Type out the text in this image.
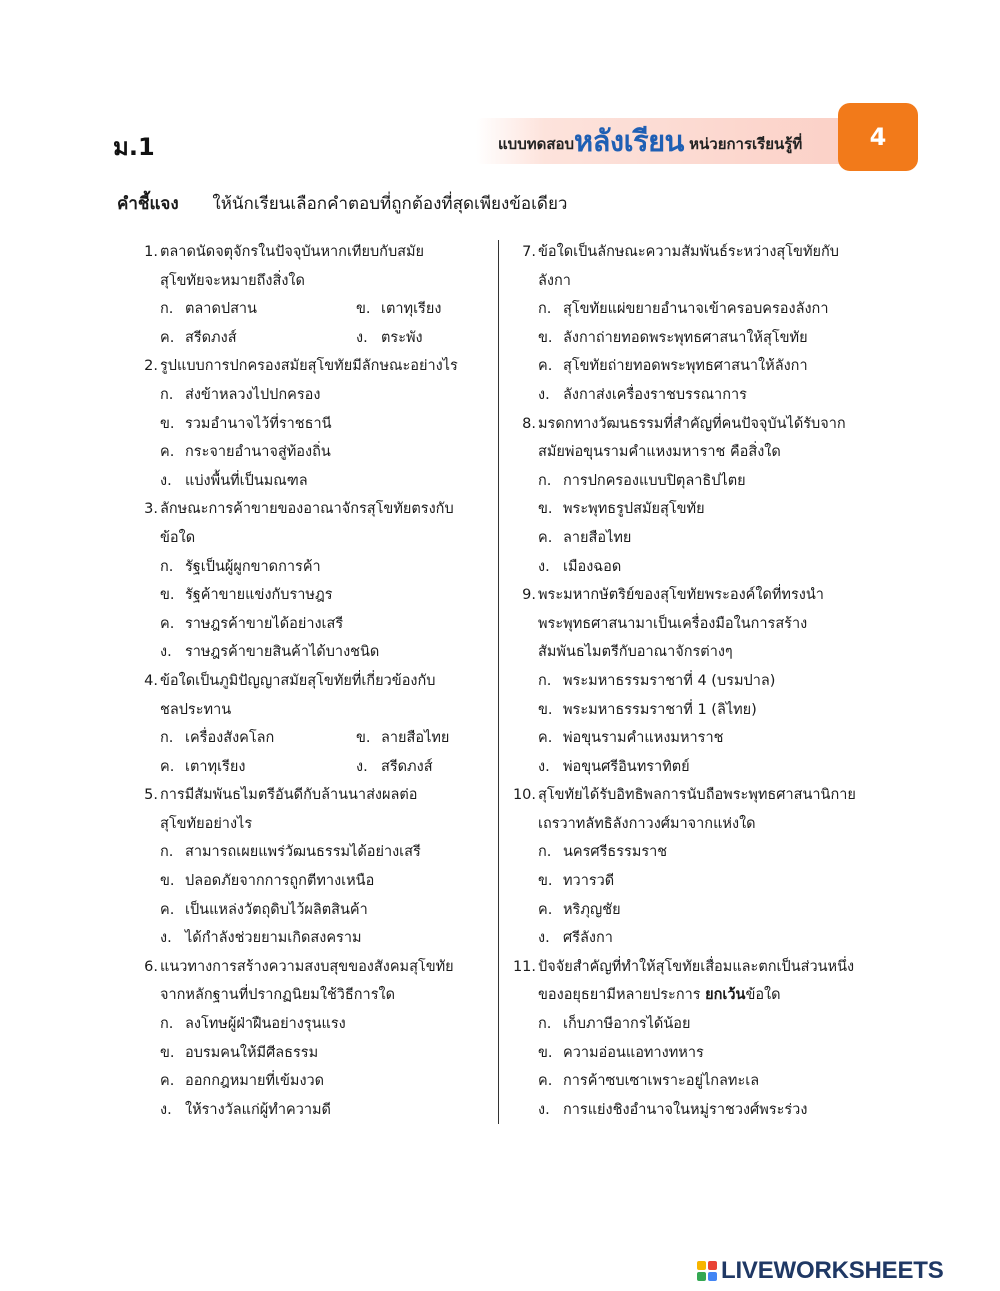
ม.1	แบบทดสอบหลังเรียน หน่วยการเรียนรู้ที่	4
คำชี้แจง ให้นักเรียนเลือกคำตอบที่ถูกต้องที่สุดเพียงข้อเดียว
1. ตลาดนัดจตุจักรในปัจจุบันหากเทียบกับสมัย
สุโขทัยจะหมายถึงสิ่งใด
ก. ตลาดปสาน	ข. เตาทุเรียง
ค. สรีดภงส์	ง. ตระพัง
2. รูปแบบการปกครองสมัยสุโขทัยมีลักษณะอย่างไร
ก. ส่งข้าหลวงไปปกครอง
ข. รวมอำนาจไว้ที่ราชธานี
ค. กระจายอำนาจสู่ท้องถิ่น
ง. แบ่งพื้นที่เป็นมณฑล
3. ลักษณะการค้าขายของอาณาจักรสุโขทัยตรงกับ
ข้อใด
ก. รัฐเป็นผู้ผูกขาดการค้า
ข. รัฐค้าขายแข่งกับราษฎร
ค. ราษฎรค้าขายได้อย่างเสรี
ง. ราษฎรค้าขายสินค้าได้บางชนิด
4. ข้อใดเป็นภูมิปัญญาสมัยสุโขทัยที่เกี่ยวข้องกับ
ชลประทาน
ก. เครื่องสังคโลก	ข. ลายสือไทย
ค. เตาทุเรียง	ง. สรีดภงส์
5. การมีสัมพันธไมตรีอันดีกับล้านนาส่งผลต่อ
สุโขทัยอย่างไร
ก. สามารถเผยแพร่วัฒนธรรมได้อย่างเสรี
ข. ปลอดภัยจากการถูกตีทางเหนือ
ค. เป็นแหล่งวัตถุดิบไว้ผลิตสินค้า
ง. ได้กำลังช่วยยามเกิดสงคราม
6. แนวทางการสร้างความสงบสุขของสังคมสุโขทัย
จากหลักฐานที่ปรากฏนิยมใช้วิธีการใด
ก. ลงโทษผู้ฝ่าฝืนอย่างรุนแรง
ข. อบรมคนให้มีศีลธรรม
ค. ออกกฎหมายที่เข้มงวด
ง. ให้รางวัลแก่ผู้ทำความดี
7. ข้อใดเป็นลักษณะความสัมพันธ์ระหว่างสุโขทัยกับ
ลังกา
ก. สุโขทัยแผ่ขยายอำนาจเข้าครอบครองลังกา
ข. ลังกาถ่ายทอดพระพุทธศาสนาให้สุโขทัย
ค. สุโขทัยถ่ายทอดพระพุทธศาสนาให้ลังกา
ง. ลังกาส่งเครื่องราชบรรณาการ
8. มรดกทางวัฒนธรรมที่สำคัญที่คนปัจจุบันได้รับจาก
สมัยพ่อขุนรามคำแหงมหาราช คือสิ่งใด
ก. การปกครองแบบปิตุลาธิปไตย
ข. พระพุทธรูปสมัยสุโขทัย
ค. ลายสือไทย
ง. เมืองฉอด
9. พระมหากษัตริย์ของสุโขทัยพระองค์ใดที่ทรงนำ
พระพุทธศาสนามาเป็นเครื่องมือในการสร้าง
สัมพันธไมตรีกับอาณาจักรต่างๆ
ก. พระมหาธรรมราชาที่ 4 (บรมปาล)
ข. พระมหาธรรมราชาที่ 1 (ลิไทย)
ค. พ่อขุนรามคำแหงมหาราช
ง. พ่อขุนศรีอินทราทิตย์
10. สุโขทัยได้รับอิทธิพลการนับถือพระพุทธศาสนานิกาย
เถรวาทลัทธิลังกาวงศ์มาจากแห่งใด
ก. นครศรีธรรมราช
ข. ทวารวดี
ค. หริภุญชัย
ง. ศรีลังกา
11. ปัจจัยสำคัญที่ทำให้สุโขทัยเสื่อมและตกเป็นส่วนหนึ่ง
ของอยุธยามีหลายประการ ยกเว้นข้อใด
ก. เก็บภาษีอากรได้น้อย
ข. ความอ่อนแอทางทหาร
ค. การค้าซบเซาเพราะอยู่ไกลทะเล
ง. การแย่งชิงอำนาจในหมู่ราชวงศ์พระร่วง
LIVEWORKSHEETS
